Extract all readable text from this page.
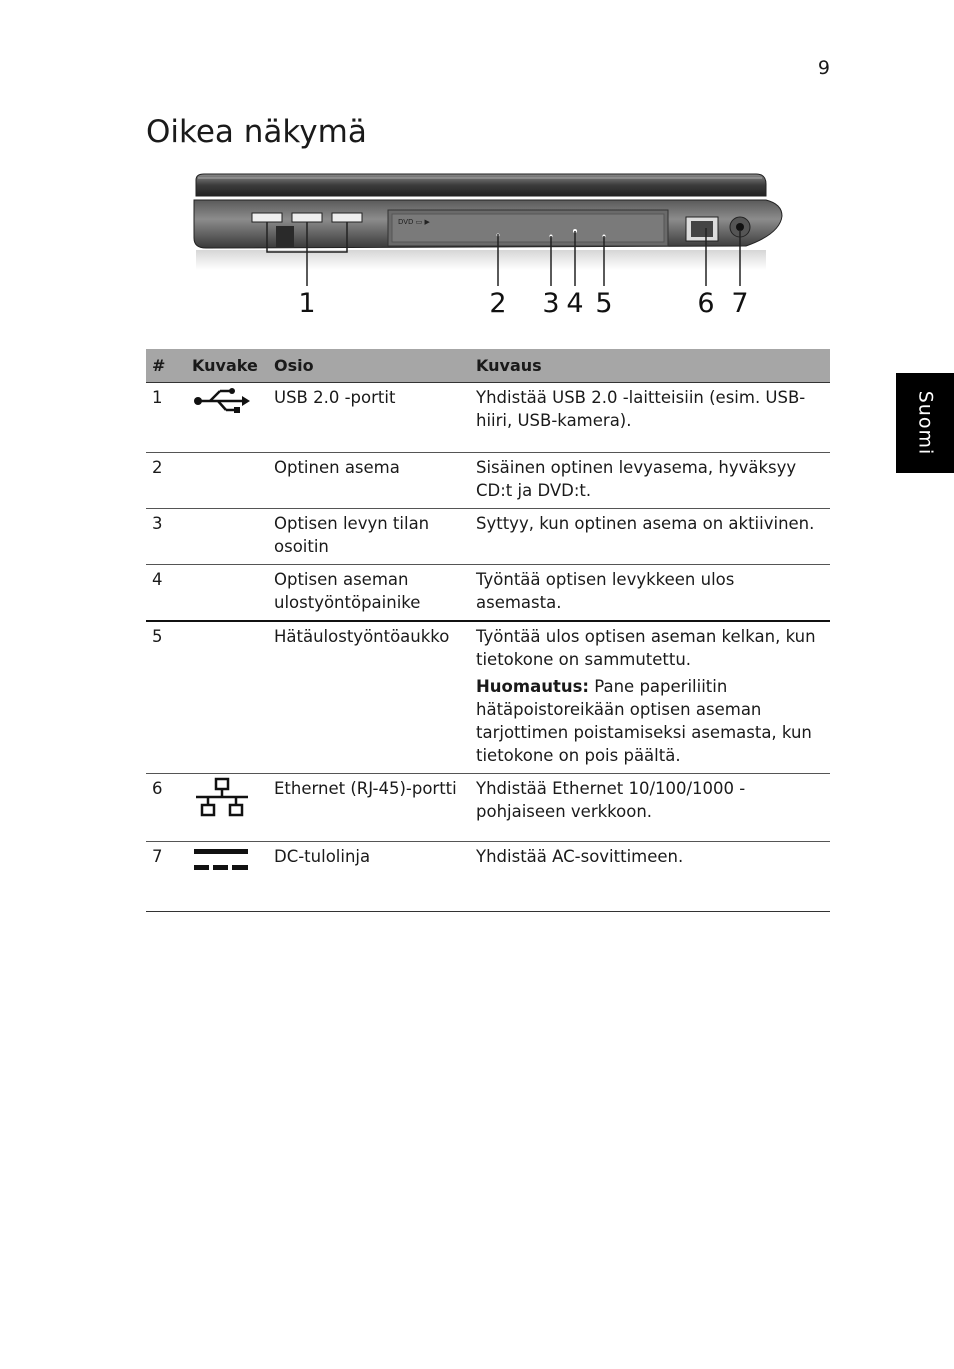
9
Oikea näkymä
Suomi
DVD ▭ ▶
1	2 3 4 5	6 7
#	Kuvake	Osio	Kuvaus
1		USB 2.0 -portit	Yhdistää USB 2.0 -laitteisiin (esim. USB-hiiri, USB-kamera).
2		Optinen asema	Sisäinen optinen levyasema, hyväksyy CD:t ja DVD:t.
3		Optisen levyn tilan osoitin	Syttyy, kun optinen asema on aktiivinen.
4		Optisen aseman ulostyöntöpainike	Työntää optisen levykkeen ulos asemasta.
5		Hätäulostyöntöaukko	Työntää ulos optisen aseman kelkan, kun tietokone on sammutettu.
Huomautus: Pane paperiliitin hätäpoistoreikään optisen aseman tarjottimen poistamiseksi asemasta, kun tietokone on pois päältä.

6		Ethernet (RJ-45)-portti	Yhdistää Ethernet 10/100/1000 -pohjaiseen verkkoon.
7		DC-tulolinja	Yhdistää AC-sovittimeen.
